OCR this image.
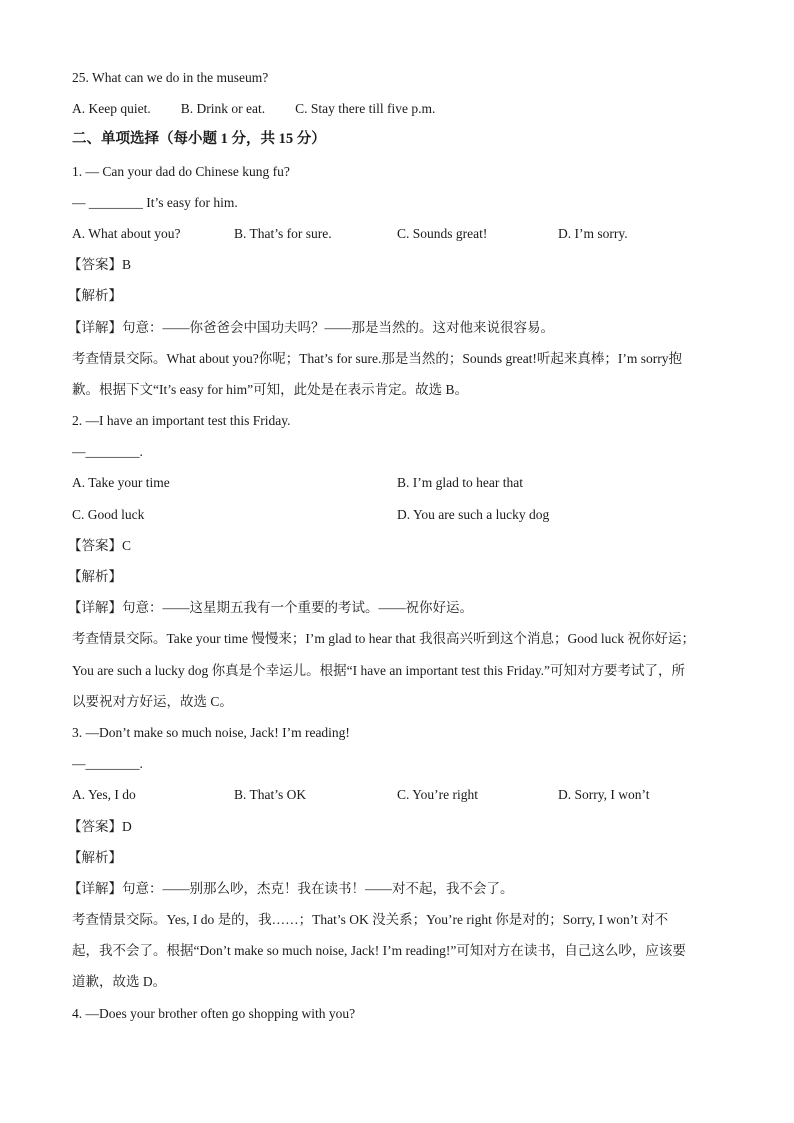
25. What can we do in the museum?
A. Keep quiet. B. Drink or eat. C. Stay there till five p.m.
二、单项选择（每小题 1 分，共 15 分）
1. — Can your dad do Chinese kung fu?
— ________ It’s easy for him.
A. What about you?	B. That’s for sure.	C. Sounds great!	D. I’m sorry.
【答案】B
【解析】
【详解】句意：——你爸爸会中国功夫吗？——那是当然的。这对他来说很容易。
考查情景交际。What about you?你呢；That’s for sure.那是当然的；Sounds great!听起来真棒；I’m sorry抱
歉。根据下文“It’s easy for him”可知，此处是在表示肯定。故选 B。
2. —I have an important test this Friday.
—________.
A. Take your time	B. I’m glad to hear that
C. Good luck	D. You are such a lucky dog
【答案】C
【解析】
【详解】句意：——这星期五我有一个重要的考试。——祝你好运。
考查情景交际。Take your time 慢慢来；I’m glad to hear that 我很高兴听到这个消息；Good luck 祝你好运；
You are such a lucky dog 你真是个幸运儿。根据“I have an important test this Friday.”可知对方要考试了，所
以要祝对方好运，故选 C。
3. —Don’t make so much noise, Jack! I’m reading!
—________.
A. Yes, I do	B. That’s OK	C. You’re right	D. Sorry, I won’t
【答案】D
【解析】
【详解】句意：——别那么吵，杰克！我在读书！——对不起，我不会了。
考查情景交际。Yes, I do 是的，我……；That’s OK 没关系；You’re right 你是对的；Sorry, I won’t 对不
起，我不会了。根据“Don’t make so much noise, Jack! I’m reading!”可知对方在读书，自己这么吵，应该要
道歉，故选 D。
4. —Does your brother often go shopping with you?
